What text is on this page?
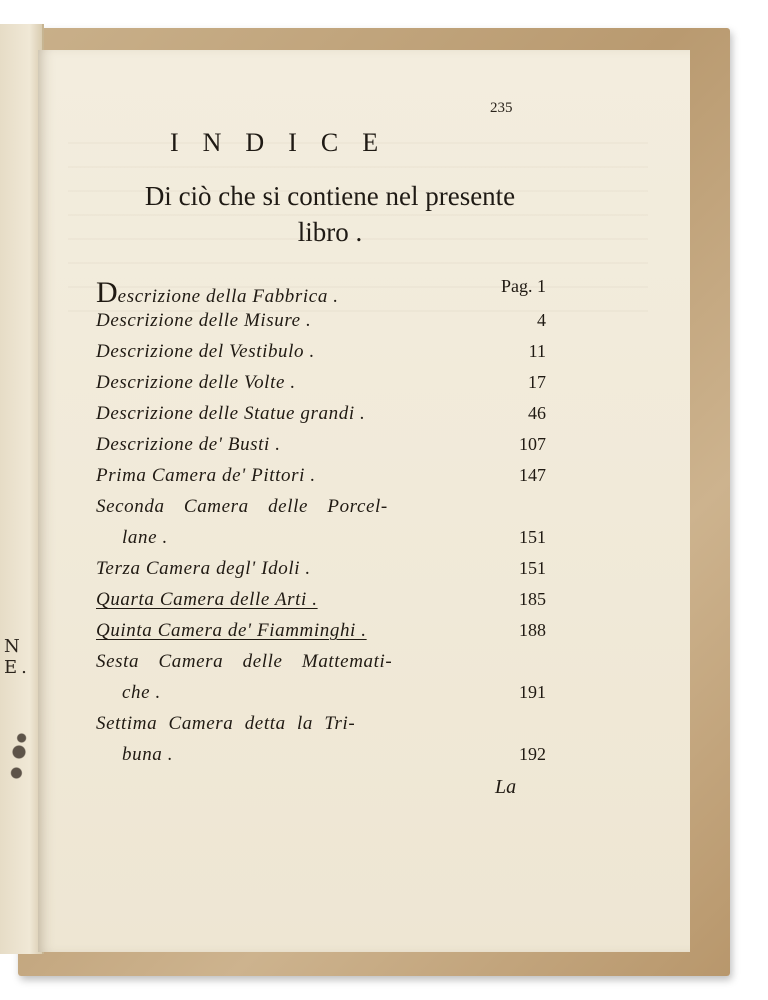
N E.
235
INDICE
Di ciò che si contiene nel presente libro .
Descrizione della Fabbrica .	Pag. 1
Descrizione delle Misure .	4
Descrizione del Vestibulo .	11
Descrizione delle Volte .	17
Descrizione delle Statue grandi .	46
Descrizione de' Busti .	107
Prima Camera de' Pittori .	147
Seconda Camera delle Porcel-
lane .	151
Terza Camera degl' Idoli .	151
Quarta Camera delle Arti .	185
Quinta Camera de' Fiamminghi .	188
Sesta Camera delle Mattemati-
che .	191
Settima Camera detta la Tri-
buna .	192
La
